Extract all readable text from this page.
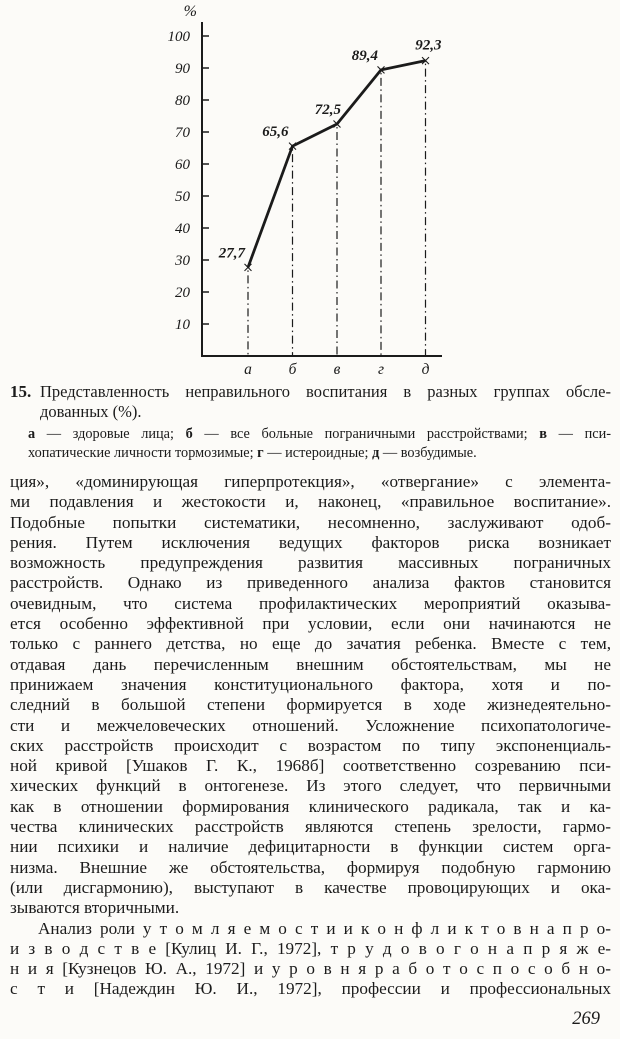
%
10
20
30
40
50
60
70
80
90
100
а б в г д
27,7
65,6
72,5
89,4
92,3
15. Представленность неправильного воспитания в разных группах обсле-
дованных (%).
а — здоровые лица; б — все больные пограничными расстройствами; в — пси-
хопатические личности тормозимые; г — истероидные; д — возбудимые.
ция», «доминирующая гиперпротекция», «отвергание» с элемента-
ми подавления и жестокости и, наконец, «правильное воспитание».
Подобные попытки систематики, несомненно, заслуживают одоб-
рения. Путем исключения ведущих факторов риска возникает
возможность предупреждения развития массивных пограничных
расстройств. Однако из приведенного анализа фактов становится
очевидным, что система профилактических мероприятий оказыва-
ется особенно эффективной при условии, если они начинаются не
только с раннего детства, но еще до зачатия ребенка. Вместе с тем,
отдавая дань перечисленным внешним обстоятельствам, мы не
принижаем значения конституционального фактора, хотя и по-
следний в большой степени формируется в ходе жизнедеятельно-
сти и межчеловеческих отношений. Усложнение психопатологиче-
ских расстройств происходит с возрастом по типу экспоненциаль-
ной кривой [Ушаков Г. К., 1968б] соответственно созреванию пси-
хических функций в онтогенезе. Из этого следует, что первичными
как в отношении формирования клинического радикала, так и ка-
чества клинических расстройств являются степень зрелости, гармо-
нии психики и наличие дефицитарности в функции систем орга-
низма. Внешние же обстоятельства, формируя подобную гармонию
(или дисгармонию), выступают в качестве провоцирующих и ока-
зываются вторичными.
Анализ роли у т о м л я е м о с т и и к о н ф л и к т о в н а п р о-
и з в о д с т в е [Кулиц И. Г., 1972], т р у д о в о г о н а п р я ж е-
н и я [Кузнецов Ю. А., 1972] и у р о в н я р а б о т о с п о с о б н о-
с т и [Надеждин Ю. И., 1972], профессии и профессиональных
269
